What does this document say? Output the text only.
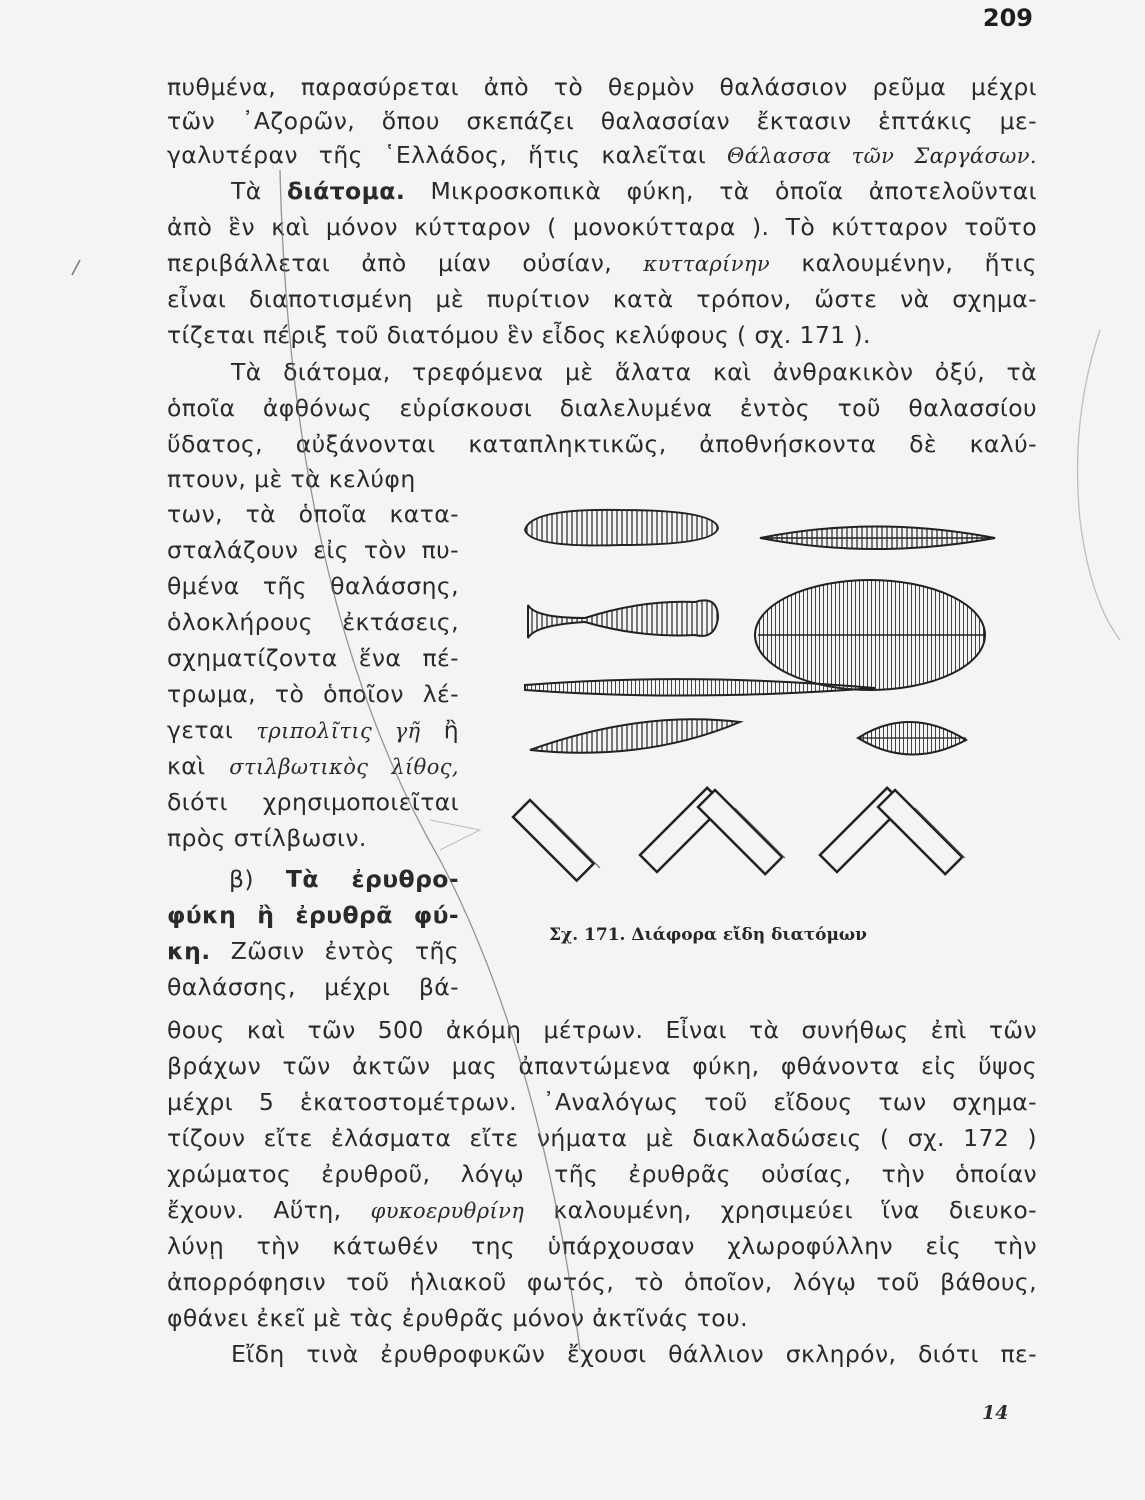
209

πυθμένα, παρασύρεται ἀπὸ τὸ θερμὸν θαλάσσιον ρεῦμα μέχρι

τῶν ᾿Αζορῶν, ὅπου σκεπάζει θαλασσίαν ἔκτασιν ἑπτάκις με-

γαλυτέραν τῆς ῾Ελλάδος, ἥτις καλεῖται Θάλασσα τῶν Σαργάσων.

Τὰ διάτομα. Μικροσκοπικὰ φύκη, τὰ ὁποῖα ἀποτελοῦνται

ἀπὸ ἓν καὶ μόνον κύτταρον ( μονοκύτταρα ). Τὸ κύτταρον τοῦτο

περιβάλλεται ἀπὸ μίαν οὐσίαν, κυτταρίνην καλουμένην, ἥτις

εἶναι διαποτισμένη μὲ πυρίτιον κατὰ τρόπον, ὥστε νὰ σχημα-

τίζεται πέριξ τοῦ διατόμου ἓν εἶδος κελύφους ( σχ. 171 ).

Τὰ διάτομα, τρεφόμενα μὲ ἅλατα καὶ ἀνθρακικὸν ὀξύ, τὰ

ὁποῖα ἀφθόνως εὑρίσκουσι διαλελυμένα ἐντὸς τοῦ θαλασσίου

ὕδατος, αὐξάνονται καταπληκτικῶς, ἀποθνήσκοντα δὲ καλύ-

πτουν, μὲ τὰ κελύφη

των, τὰ ὁποῖα κατα-

σταλάζουν εἰς τὸν πυ-

θμένα τῆς θαλάσσης,

ὁλοκλήρους ἐκτάσεις,

σχηματίζοντα ἕνα πέ-

τρωμα, τὸ ὁποῖον λέ-

γεται τριπολῖτις γῆ ἢ

καὶ στιλβωτικὸς λίθος,

διότι χρησιμοποιεῖται

πρὸς στίλβωσιν.

β) Τὰ ἐρυθρο-

φύκη ἢ ἐρυθρᾶ φύ-

κη. Ζῶσιν ἐντὸς τῆς

θαλάσσης, μέχρι βά-

θους καὶ τῶν 500 ἀκόμη μέτρων. Εἶναι τὰ συνήθως ἐπὶ τῶν

βράχων τῶν ἀκτῶν μας ἀπαντώμενα φύκη, φθάνοντα εἰς ὕψος

μέχρι 5 ἑκατοστομέτρων. ᾿Αναλόγως τοῦ εἴδους των σχημα-

τίζουν εἴτε ἐλάσματα εἴτε νήματα μὲ διακλαδώσεις ( σχ. 172 )

χρώματος ἐρυθροῦ, λόγῳ τῆς ἐρυθρᾶς οὐσίας, τὴν ὁποίαν

ἔχουν. Αὕτη, φυκοερυθρίνη καλουμένη, χρησιμεύει ἵνα διευκο-

λύνῃ τὴν κάτωθέν της ὑπάρχουσαν χλωροφύλλην εἰς τὴν

ἀπορρόφησιν τοῦ ἡλιακοῦ φωτός, τὸ ὁποῖον, λόγῳ τοῦ βάθους,

φθάνει ἐκεῖ μὲ τὰς ἐρυθρᾶς μόνον ἀκτῖνάς του.

Εἴδη τινὰ ἐρυθροφυκῶν ἔχουσι θάλλιον σκληρόν, διότι πε-

Σχ. 171. Διάφορα εἴδη διατόμων
14
